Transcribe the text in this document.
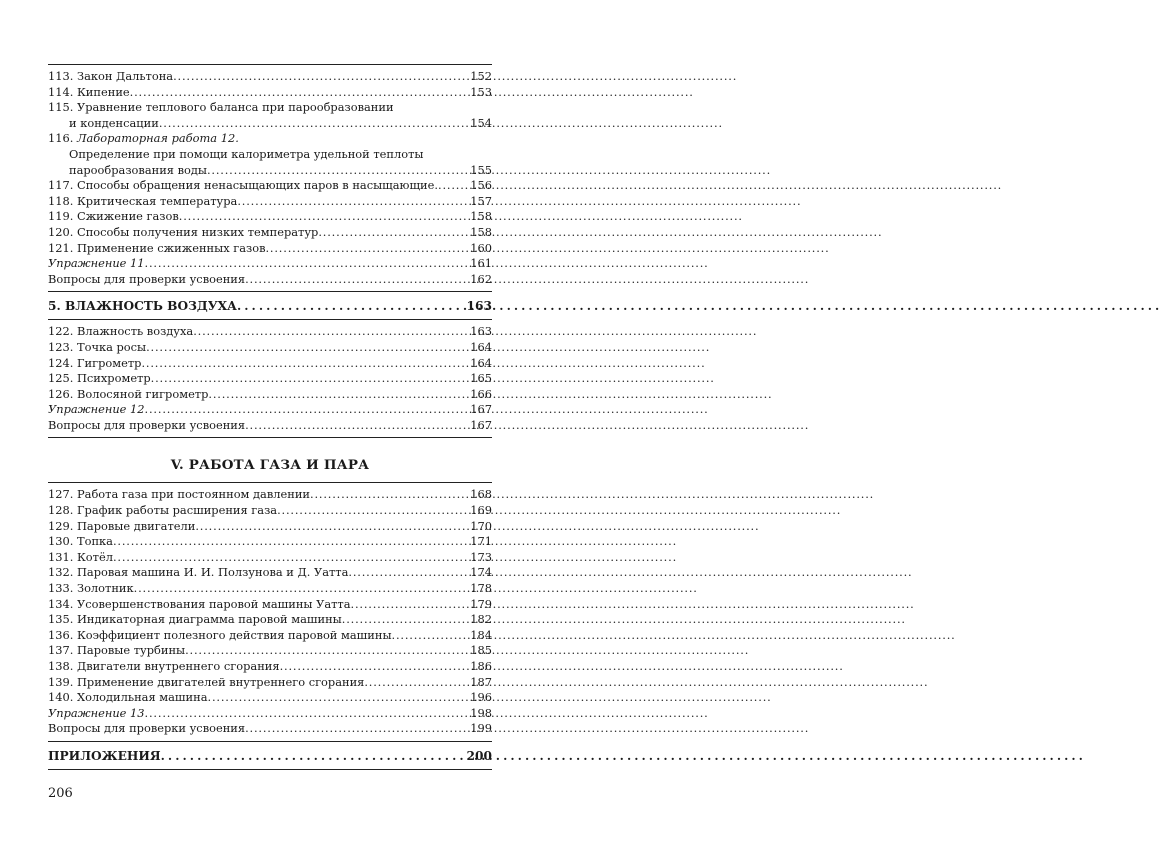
113. Закон Дальтона . . .	152
114. Кипение . . .	153
115. Уравнение теплового баланса при парообразовании
и конденсации . . .	154
116. Лабораторная работа 12.
Определение при помощи калориметра удельной теплоты
парообразования воды . . .	155
117. Способы обращения ненасыщающих паров в насыщающие. . . .	156
118. Критическая температура . . .	157
119. Сжижение газов . . .	158
120. Способы получения низких температур . . .	158
121. Применение сжиженных газов . . .	160
Упражнение 11 . . .	161
Вопросы для проверки усвоения . . .	162
5. ВЛАЖНОСТЬ ВОЗДУХА . . .	163
122. Влажность воздуха . . .	163
123. Точка росы . . .	164
124. Гигрометр . . .	164
125. Психрометр . . .	165
126. Волосяной гигрометр . . .	166
Упражнение 12 . . .	167
Вопросы для проверки усвоения . . .	167
V. РАБОТА ГАЗА И ПАРА
127. Работа газа при постоянном давлении . . .	168
128. График работы расширения газа . . .	169
129. Паровые двигатели . . .	170
130. Топка . . .	171
131. Котёл . . .	173
132. Паровая машина И. И. Ползунова и Д. Уатта . . .	174
133. Золотник . . .	178
134. Усовершенствования паровой машины Уатта . . .	179
135. Индикаторная диаграмма паровой машины . . .	182
136. Коэффициент полезного действия паровой машины . . .	184
137. Паровые турбины . . .	185
138. Двигатели внутреннего сгорания . . .	186
139. Применение двигателей внутреннего сгорания . . .	187
140. Холодильная машина . . .	196
Упражнение 13 . . .	198
Вопросы для проверки усвоения . . .	199
ПРИЛОЖЕНИЯ . . .	200
206
